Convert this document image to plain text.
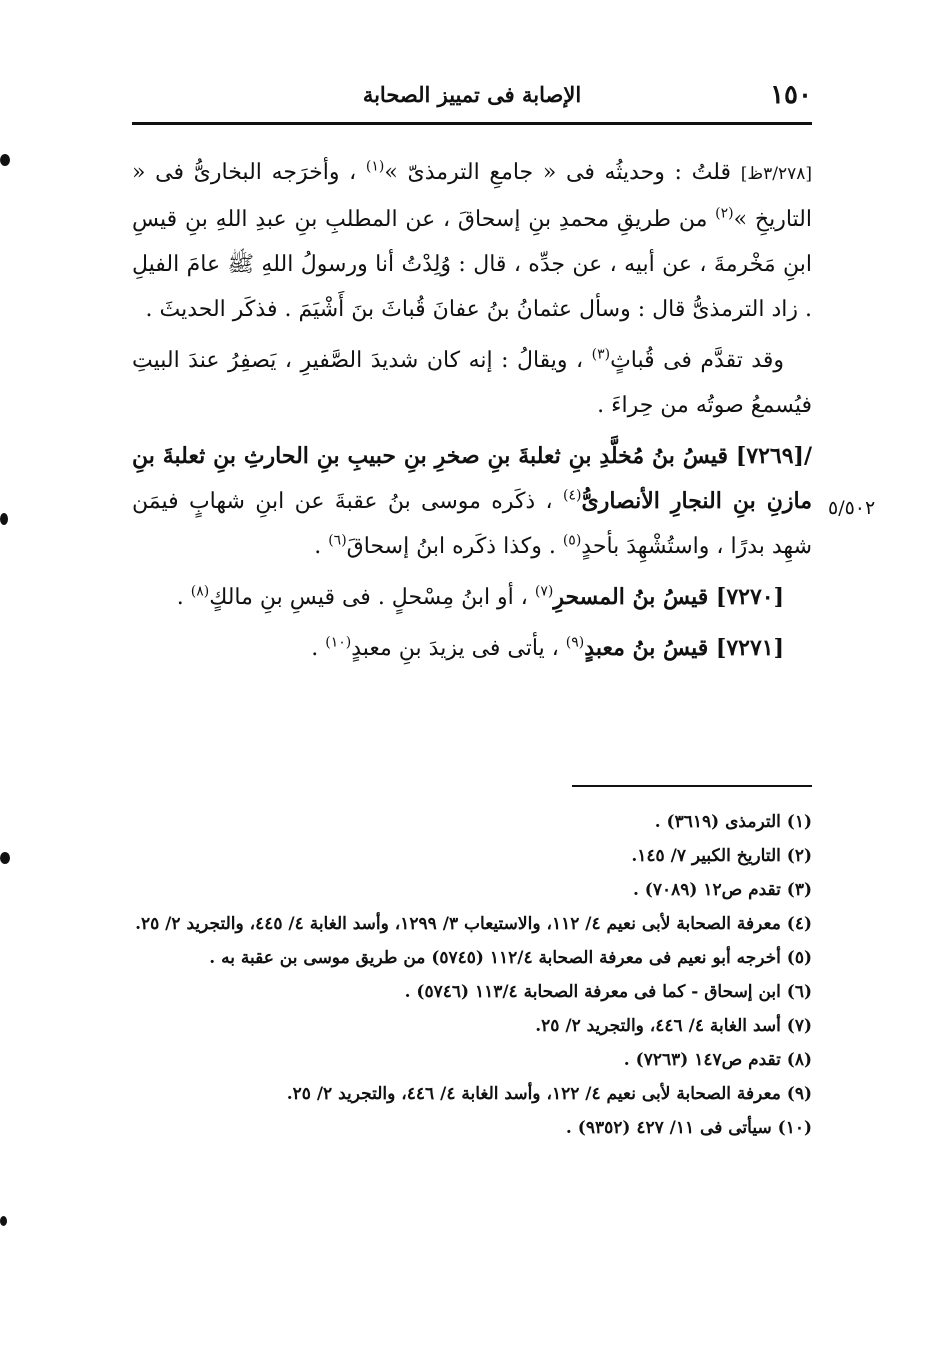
١٥٠
الإصابة فى تمييز الصحابة

[٣/٢٧٨ظ] قلتُ : وحديثُه فى « جامعِ الترمذىّ »$^{(١)}$ ، وأخرَجه البخارىُّ فى « التاريخِ »$^{(٢)}$ من طريقِ محمدِ بنِ إسحاقَ ، عن المطلبِ بنِ عبدِ اللهِ بنِ قيسِ ابنِ مَخْرمةَ ، عن أبيه ، عن جدِّه ، قال : وُلِدْتُ أنا ورسولُ اللهِ ﷺ عامَ الفيلِ . زاد الترمذىُّ قال : وسأل عثمانُ بنُ عفانَ قُباثَ بنَ أَشْيَمَ . فذكَر الحديثَ .

وقد تقدَّم فى قُباثٍ$^{(٣)}$ ، ويقالُ : إنه كان شديدَ الصَّفيرِ ، يَصفِرُ عندَ البيتِ فيُسمعُ صوتُه من حِراءَ .

/[٧٢٦٩] قيسُ بنُ مُخلَّدِ بنِ ثعلبةَ بنِ صخرِ بنِ حبيبِ بنِ الحارثِ بنِ ثعلبةَ بنِ مازنِ بنِ النجارِ الأنصارىُّ$^{(٤)}$ ، ذكَره موسى بنُ عقبةَ عن ابنِ شهابٍ فيمَن شهِد بدرًا ، واستُشْهِدَ بأحدٍ$^{(٥)}$ . وكذا ذكَره ابنُ إسحاقَ$^{(٦)}$ .

[٧٢٧٠] قيسُ بنُ المسحرِ$^{(٧)}$ ، أو ابنُ مِسْحلٍ . فى قيسِ بنِ مالكٍ$^{(٨)}$ .

[٧٢٧١] قيسُ بنُ معبدٍ$^{(٩)}$ ، يأتى فى يزيدَ بنِ معبدٍ$^{(١٠)}$ .

٥/٥٠٢

(١) الترمذى (٣٦١٩) .

(٢) التاريخ الكبير ٧/ ١٤٥.

(٣) تقدم ص١٢ (٧٠٨٩) .

(٤) معرفة الصحابة لأبى نعيم ٤/ ١١٢، والاستيعاب ٣/ ١٢٩٩، وأسد الغابة ٤/ ٤٤٥، والتجريد ٢/ ٢٥.

(٥) أخرجه أبو نعيم فى معرفة الصحابة ١١٢/٤ (٥٧٤٥) من طريق موسى بن عقبة به .

(٦) ابن إسحاق - كما فى معرفة الصحابة ١١٣/٤ (٥٧٤٦) .

(٧) أسد الغابة ٤/ ٤٤٦، والتجريد ٢/ ٢٥.

(٨) تقدم ص١٤٧ (٧٢٦٣) .

(٩) معرفة الصحابة لأبى نعيم ٤/ ١٢٢، وأسد الغابة ٤/ ٤٤٦، والتجريد ٢/ ٢٥.

(١٠) سيأتى فى ١١/ ٤٢٧ (٩٣٥٢) .
